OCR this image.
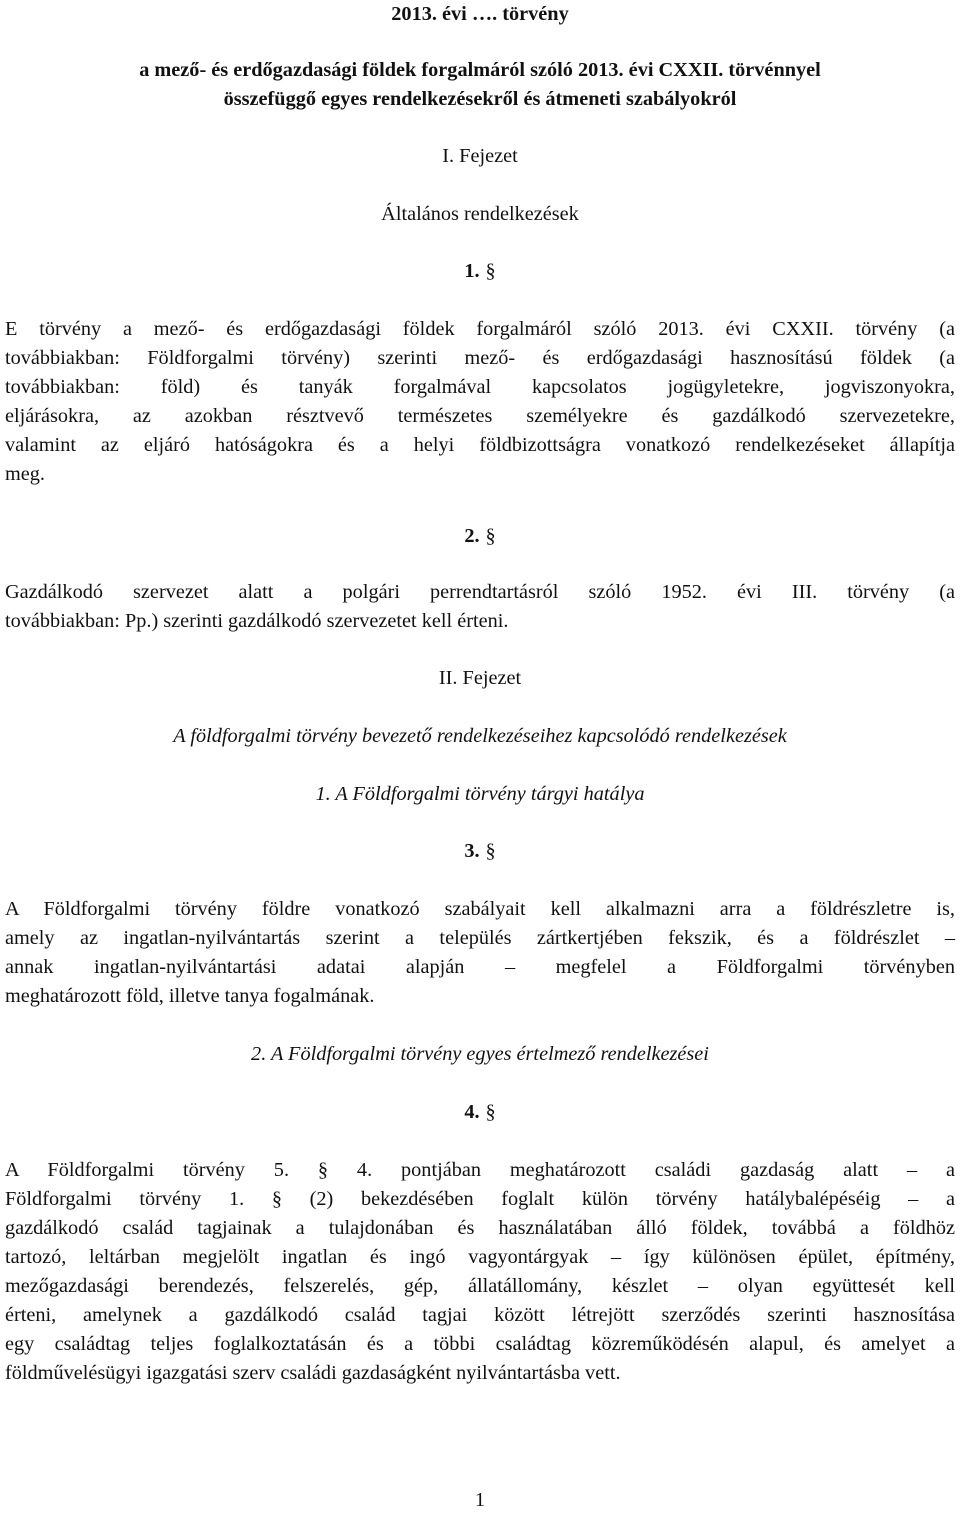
2013. évi …. törvény
a mező- és erdőgazdasági földek forgalmáról szóló 2013. évi CXXII. törvénnyel
összefüggő egyes rendelkezésekről és átmeneti szabályokról
I. Fejezet
Általános rendelkezések
1. §
E törvény a mező- és erdőgazdasági földek forgalmáról szóló 2013. évi CXXII. törvény (a
továbbiakban: Földforgalmi törvény) szerinti mező- és erdőgazdasági hasznosítású földek (a
továbbiakban: föld) és tanyák forgalmával kapcsolatos jogügyletekre, jogviszonyokra,
eljárásokra, az azokban résztvevő természetes személyekre és gazdálkodó szervezetekre,
valamint az eljáró hatóságokra és a helyi földbizottságra vonatkozó rendelkezéseket állapítja
meg.
2. §
Gazdálkodó szervezet alatt a polgári perrendtartásról szóló 1952. évi III. törvény (a
továbbiakban: Pp.) szerinti gazdálkodó szervezetet kell érteni.
II. Fejezet
A földforgalmi törvény bevezető rendelkezéseihez kapcsolódó rendelkezések
1. A Földforgalmi törvény tárgyi hatálya
3. §
A Földforgalmi törvény földre vonatkozó szabályait kell alkalmazni arra a földrészletre is,
amely az ingatlan-nyilvántartás szerint a település zártkertjében fekszik, és a földrészlet –
annak ingatlan-nyilvántartási adatai alapján – megfelel a Földforgalmi törvényben
meghatározott föld, illetve tanya fogalmának.
2. A Földforgalmi törvény egyes értelmező rendelkezései
4. §
A Földforgalmi törvény 5. § 4. pontjában meghatározott családi gazdaság alatt – a
Földforgalmi törvény 1. § (2) bekezdésében foglalt külön törvény hatálybalépéséig – a
gazdálkodó család tagjainak a tulajdonában és használatában álló földek, továbbá a földhöz
tartozó, leltárban megjelölt ingatlan és ingó vagyontárgyak – így különösen épület, építmény,
mezőgazdasági berendezés, felszerelés, gép, állatállomány, készlet – olyan együttesét kell
érteni, amelynek a gazdálkodó család tagjai között létrejött szerződés szerinti hasznosítása
egy családtag teljes foglalkoztatásán és a többi családtag közreműködésén alapul, és amelyet a
földművelésügyi igazgatási szerv családi gazdaságként nyilvántartásba vett.
1
